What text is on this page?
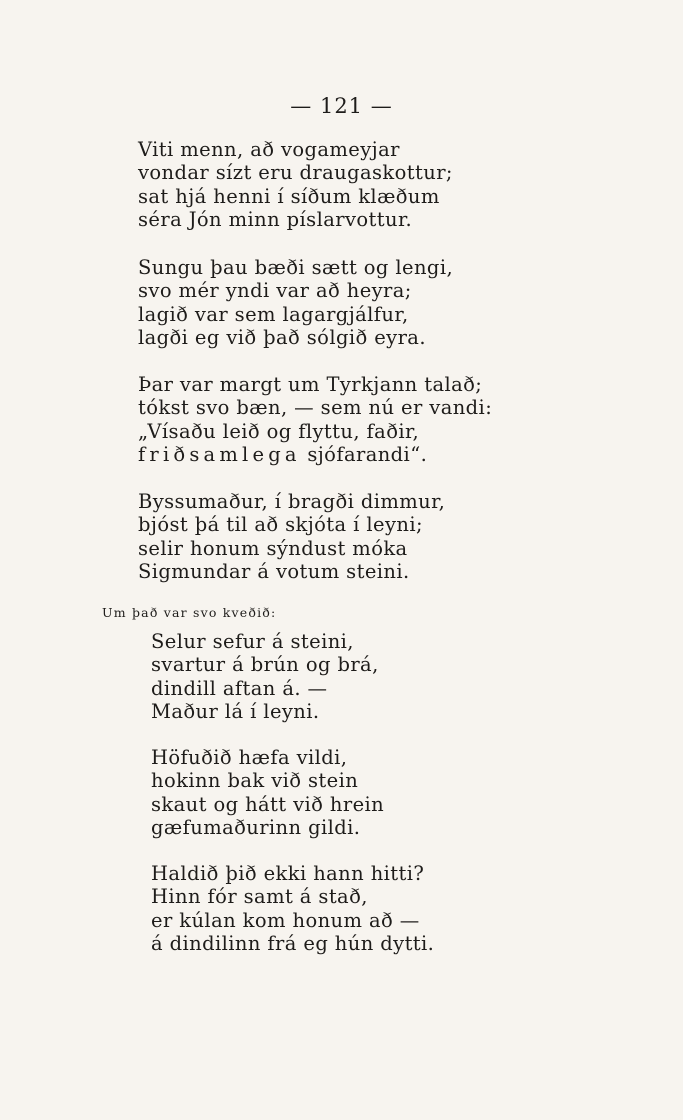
— 121 —
Viti menn, að vogameyjar
vondar sízt eru draugaskottur;
sat hjá henni í síðum klæðum
séra Jón minn píslarvottur.
Sungu þau bæði sætt og lengi,
svo mér yndi var að heyra;
lagið var sem lagargjálfur,
lagði eg við það sólgið eyra.
Þar var margt um Tyrkjann talað;
tókst svo bæn, — sem nú er vandi:
„Vísaðu leið og flyttu, faðir,
friðsamlega sjófarandi“.
Byssumaður, í bragði dimmur,
bjóst þá til að skjóta í leyni;
selir honum sýndust móka
Sigmundar á votum steini.
Um það var svo kveðið:
Selur sefur á steini,
svartur á brún og brá,
dindill aftan á. —
Maður lá í leyni.
Höfuðið hæfa vildi,
hokinn bak við stein
skaut og hátt við hrein
gæfumaðurinn gildi.
Haldið þið ekki hann hitti?
Hinn fór samt á stað,
er kúlan kom honum að —
á dindilinn frá eg hún dytti.
